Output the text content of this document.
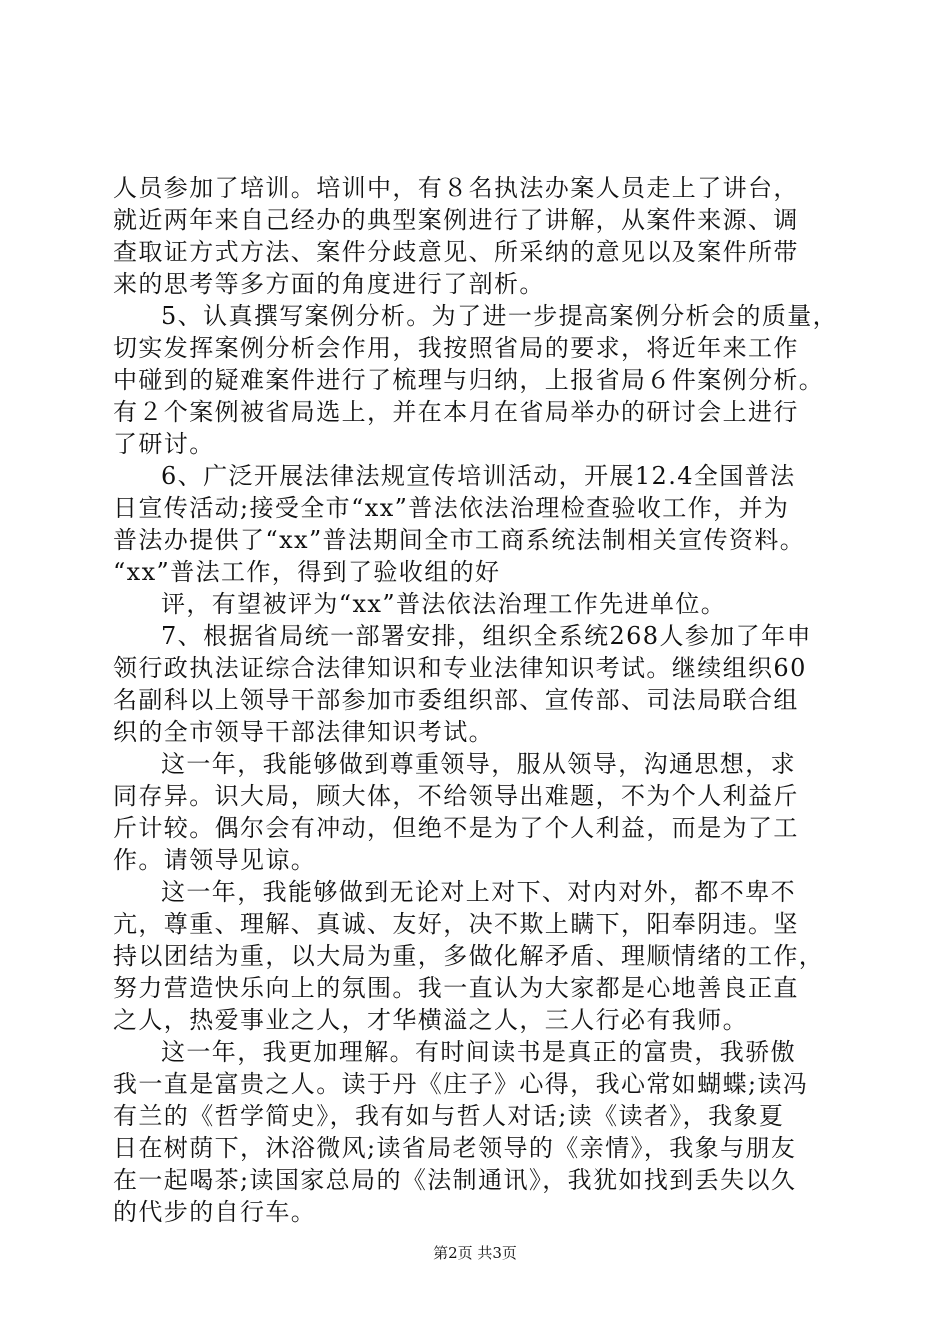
人员参加了培训。培训中，有８名执法办案人员走上了讲台，
就近两年来自己经办的典型案例进行了讲解，从案件来源、调
查取证方式方法、案件分歧意见、所采纳的意见以及案件所带
来的思考等多方面的角度进行了剖析。
5、认真撰写案例分析。为了进一步提高案例分析会的质量，
切实发挥案例分析会作用，我按照省局的要求，将近年来工作
中碰到的疑难案件进行了梳理与归纳，上报省局６件案例分析。
有２个案例被省局选上，并在本月在省局举办的研讨会上进行
了研讨。
6、广泛开展法律法规宣传培训活动，开展12.4全国普法
日宣传活动;接受全市“xx”普法依法治理检查验收工作，并为
普法办提供了“xx”普法期间全市工商系统法制相关宣传资料。
“xx”普法工作，得到了验收组的好
评，有望被评为“xx”普法依法治理工作先进单位。
7、根据省局统一部署安排，组织全系统268人参加了年申
领行政执法证综合法律知识和专业法律知识考试。继续组织60
名副科以上领导干部参加市委组织部、宣传部、司法局联合组
织的全市领导干部法律知识考试。
这一年，我能够做到尊重领导，服从领导，沟通思想，求
同存异。识大局，顾大体，不给领导出难题，不为个人利益斤
斤计较。偶尔会有冲动，但绝不是为了个人利益，而是为了工
作。请领导见谅。
这一年，我能够做到无论对上对下、对内对外，都不卑不
亢，尊重、理解、真诚、友好，决不欺上瞒下，阳奉阴违。坚
持以团结为重，以大局为重，多做化解矛盾、理顺情绪的工作，
努力营造快乐向上的氛围。我一直认为大家都是心地善良正直
之人，热爱事业之人，才华横溢之人，三人行必有我师。
这一年，我更加理解。有时间读书是真正的富贵，我骄傲
我一直是富贵之人。读于丹《庄子》心得，我心常如蝴蝶;读冯
有兰的《哲学简史》，我有如与哲人对话;读《读者》，我象夏
日在树荫下，沐浴微风;读省局老领导的《亲情》，我象与朋友
在一起喝茶;读国家总局的《法制通讯》，我犹如找到丢失以久
的代步的自行车。
第2页 共3页
